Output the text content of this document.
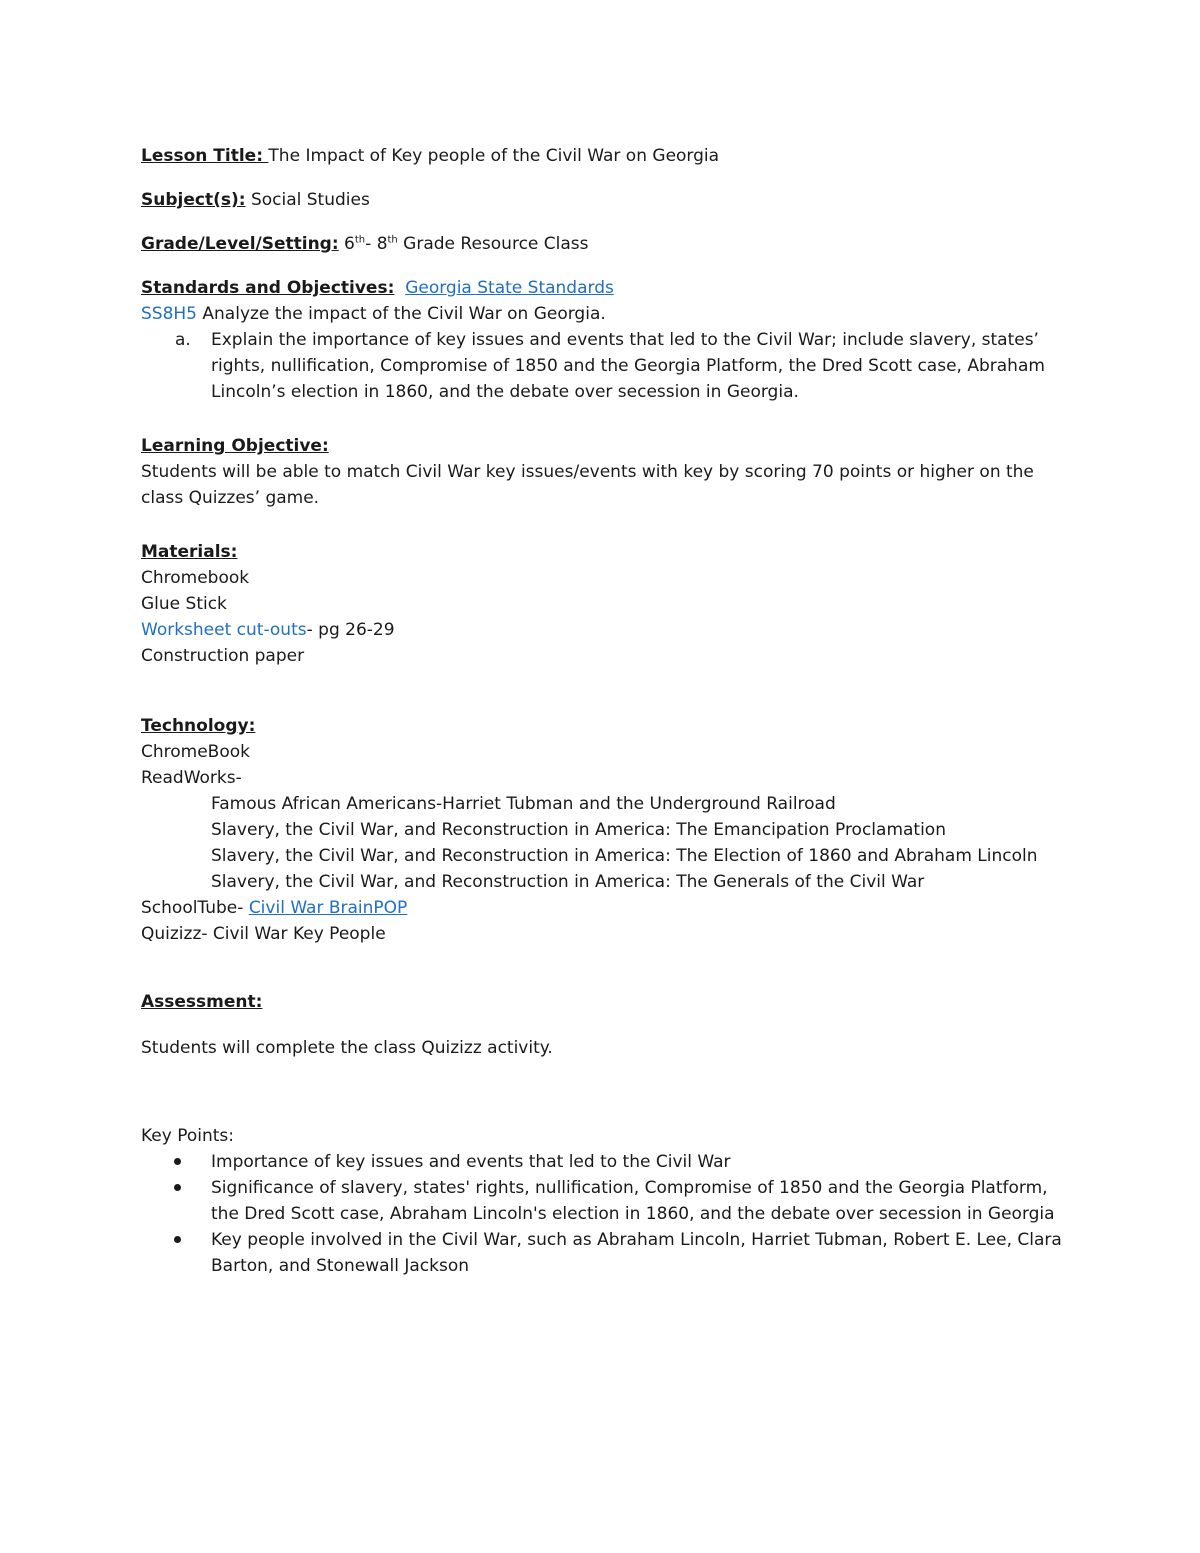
Lesson Title: The Impact of Key people of the Civil War on Georgia
Subject(s): Social Studies
Grade/Level/Setting: 6th- 8th Grade Resource Class
Standards and Objectives: Georgia State Standards
SS8H5 Analyze the impact of the Civil War on Georgia.
a. Explain the importance of key issues and events that led to the Civil War; include slavery, states’ rights, nullification, Compromise of 1850 and the Georgia Platform, the Dred Scott case, Abraham Lincoln’s election in 1860, and the debate over secession in Georgia.
Learning Objective:
Students will be able to match Civil War key issues/events with key by scoring 70 points or higher on the class Quizzes’ game.
Materials:
Chromebook
Glue Stick
Worksheet cut-outs- pg 26-29
Construction paper
Technology:
ChromeBook
ReadWorks-
Famous African Americans-Harriet Tubman and the Underground Railroad
Slavery, the Civil War, and Reconstruction in America: The Emancipation Proclamation
Slavery, the Civil War, and Reconstruction in America: The Election of 1860 and Abraham Lincoln
Slavery, the Civil War, and Reconstruction in America: The Generals of the Civil War
SchoolTube- Civil War BrainPOP
Quizizz- Civil War Key People
Assessment:
Students will complete the class Quizizz activity.
Key Points:
Importance of key issues and events that led to the Civil War
Significance of slavery, states' rights, nullification, Compromise of 1850 and the Georgia Platform, the Dred Scott case, Abraham Lincoln's election in 1860, and the debate over secession in Georgia
Key people involved in the Civil War, such as Abraham Lincoln, Harriet Tubman, Robert E. Lee, Clara Barton, and Stonewall Jackson
